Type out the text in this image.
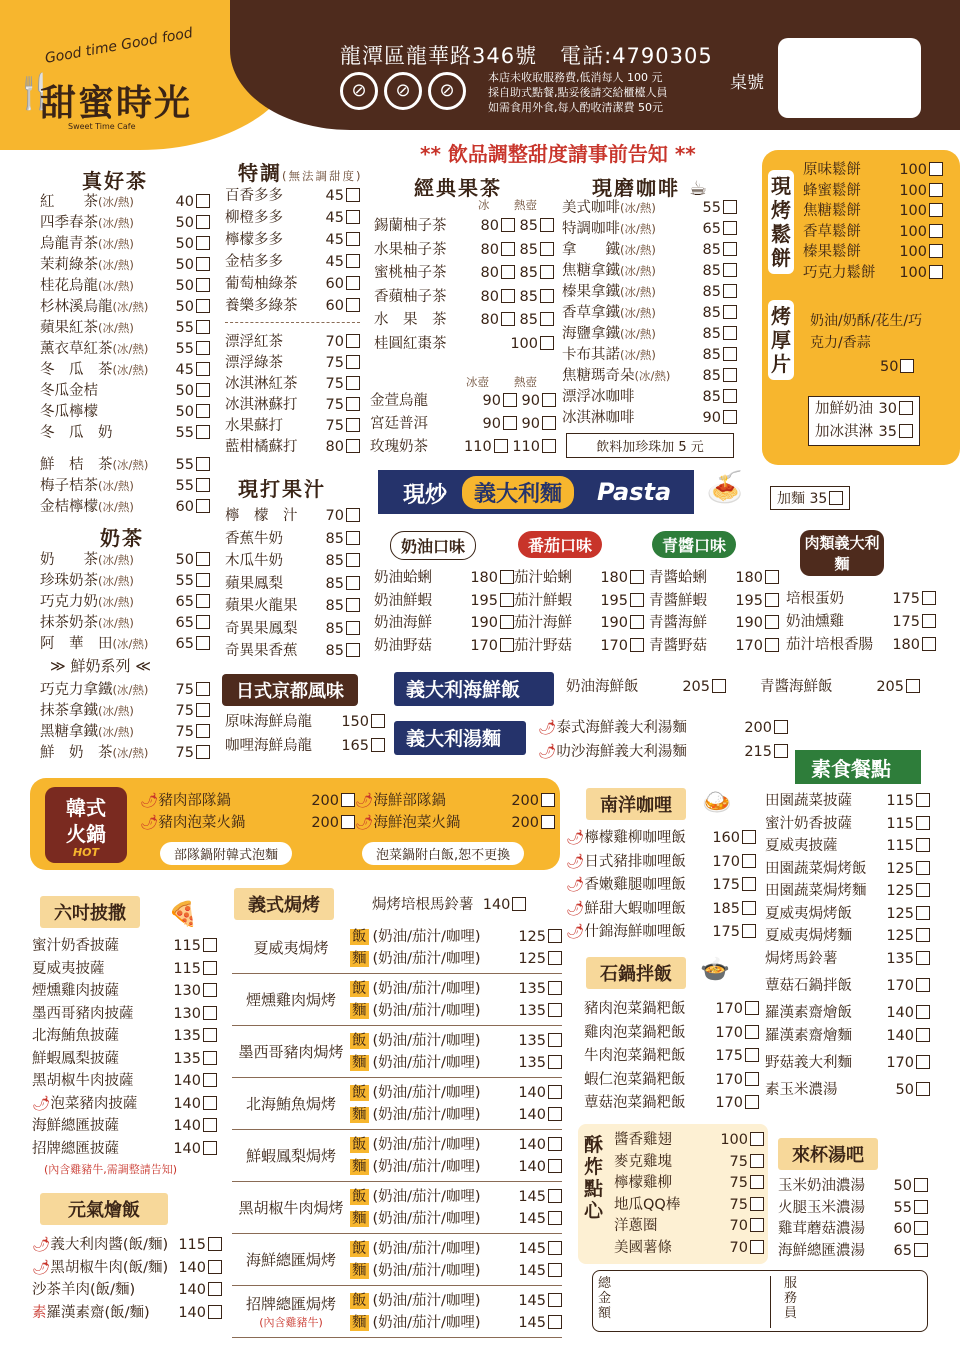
Good time Good food
🍴
甜蜜時光
Sweet Time Cafe
龍潭區龍華路346號 電話:4790305
⊘	⊘	⊘
本店未收取服務費,低消每人 100 元
採自助式點餐,點妥後請交給櫃檯人員
如需食用外食,每人酌收清潔費 50元
桌號
** 飲品調整甜度請事前告知 **
真好茶
紅　　茶(冰/熱)	40
四季春茶(冰/熱)	50
烏龍青茶(冰/熱)	50
茉莉綠茶(冰/熱)	50
桂花烏龍(冰/熱)	50
杉林溪烏龍(冰/熱) 50
蘋果紅茶(冰/熱)	55
薰衣草紅茶(冰/熱) 55
冬　瓜　茶(冰/熱) 45
冬瓜金桔	50
冬瓜檸檬	50
冬　瓜　奶	55
鮮　桔　茶(冰/熱) 55
梅子桔茶(冰/熱)	55
金桔檸檬(冰/熱)	60
奶茶
奶　　茶(冰/熱)	50
珍珠奶茶(冰/熱)	55
巧克力奶(冰/熱)	65
抹茶奶茶(冰/熱)	65
阿　華　田(冰/熱) 65
≫ 鮮奶系列 ≪
巧克力拿鐵(冰/熱) 75
抹茶拿鐵(冰/熱)	75
黑糖拿鐵(冰/熱)	75
鮮　奶　茶(冰/熱) 75
特調(無法調甜度)
百香多多	45
柳橙多多	45
檸檬多多	45
金桔多多	45
葡萄柚綠茶 60
養樂多綠茶 60
漂浮紅茶	70
漂浮綠茶	75
冰淇淋紅茶 75
冰淇淋蘇打 75
水果蘇打	75
藍柑橘蘇打 80
現打果汁
檸　檬　汁 70
香蕉牛奶	85
木瓜牛奶	85
蘋果鳳梨	85
蘋果火龍果 85
奇異果鳳梨 85
奇異果香蕉 85
經典果茶
冰 熱壺
錫蘭柚子茶 80 85
水果柚子茶 80 85
蜜桃柚子茶 80 85
香蘋柚子茶 80 85
水　果　茶 80 85
桂圓紅棗茶	100
冰壺 熱壺
金萱烏龍	90 90
宮廷普洱	90 90
玫瑰奶茶 110 110
現磨咖啡 ☕
美式咖啡(冰/熱)	55
特調咖啡(冰/熱)	65
拿　　鐵(冰/熱)	85
焦糖拿鐵(冰/熱)	85
榛果拿鐵(冰/熱)	85
香草拿鐵(冰/熱)	85
海鹽拿鐵(冰/熱)	85
卡布其諾(冰/熱)	85
焦糖瑪奇朵(冰/熱) 85
漂浮冰咖啡	85
冰淇淋咖啡	90
飲料加珍珠加 5 元
現烤鬆餅
原味鬆餅	100
蜂蜜鬆餅	100
焦糖鬆餅	100
香草鬆餅	100
榛果鬆餅	100
巧克力鬆餅 100
烤厚片
奶油/奶酥/花生/巧克力/香蒜
50
加鮮奶油 30
加冰淇淋 35
現炒	義大利麵	Pasta 🍝	加麵 35
奶油口味	番茄口味	青醬口味	肉類義大利麵
奶油蛤蜊	180
奶油鮮蝦	195
奶油海鮮	190
奶油野菇	170
茄汁蛤蜊 180
茄汁鮮蝦 195
茄汁海鮮 190
茄汁野菇 170
青醬蛤蜊 180
青醬鮮蝦 195
青醬海鮮 190
青醬野菇 170
培根蛋奶	175
奶油燻雞	175
茄汁培根香腸 180
日式京都風味
原味海鮮烏龍 150
咖哩海鮮烏龍 165
義大利海鮮飯	奶油海鮮飯	205	青醬海鮮飯	205
義大利湯麵	🌶泰式海鮮義大利湯麵	200
🌶叻沙海鮮義大利湯麵	215
素食餐點
田園蔬菜披薩 115
蜜汁奶香披薩 115
夏威夷披薩	115
田園蔬菜焗烤飯 125
田園蔬菜焗烤麵 125
夏威夷焗烤飯 125
夏威夷焗烤麵 125
焗烤馬鈴薯	135
蕈菇石鍋拌飯 170
羅漢素齋燴飯 140
羅漢素齋燴麵 140
野菇義大利麵 170
素玉米濃湯	50
韓式
火鍋
HOT
🌶豬肉部隊鍋	200	🌶海鮮部隊鍋	200
🌶豬肉泡菜火鍋	200	🌶海鮮泡菜火鍋	200
部隊鍋附韓式泡麵	泡菜鍋附白飯,恕不更換
南洋咖哩	🍛
🌶檸檬雞柳咖哩飯 160
🌶日式豬排咖哩飯 170
🌶香嫩雞腿咖哩飯 175
🌶鮮甜大蝦咖哩飯 185
🌶什錦海鮮咖哩飯 175
石鍋拌飯	🍲
豬肉泡菜鍋粑飯 170
雞肉泡菜鍋粑飯 170
牛肉泡菜鍋粑飯 175
蝦仁泡菜鍋粑飯 170
蕈菇泡菜鍋粑飯 170
酥炸點心
醬香雞翅	100
麥克雞塊	75
檸檬雞柳	75
地瓜QQ棒	75
洋蔥圈	70
美國薯條	70
來杯湯吧
玉米奶油濃湯 50
火腿玉米濃湯 55
雞茸蘑菇濃湯 60
海鮮總匯濃湯 65
六吋披撒	🍕
蜜汁奶香披薩	115
夏威夷披薩	115
煙燻雞肉披薩	130
墨西哥豬肉披薩	130
北海鮪魚披薩	135
鮮蝦鳳梨披薩	135
黑胡椒牛肉披薩	140
🌶泡菜豬肉披薩 140
海鮮總匯披薩	140
招牌總匯披薩	140
(內含雞豬牛,需調整請告知)
義式焗烤	焗烤培根馬鈴薯 140
夏威夷焗烤
飯 (奶油/茄汁/咖哩)	125
麵 (奶油/茄汁/咖哩)	125
煙燻雞肉焗烤
飯 (奶油/茄汁/咖哩)	135
麵 (奶油/茄汁/咖哩)	135
墨西哥豬肉焗烤
飯 (奶油/茄汁/咖哩)	135
麵 (奶油/茄汁/咖哩)	135
北海鮪魚焗烤
飯 (奶油/茄汁/咖哩)	140
麵 (奶油/茄汁/咖哩)	140
鮮蝦鳳梨焗烤
飯 (奶油/茄汁/咖哩)	140
麵 (奶油/茄汁/咖哩)	140
黑胡椒牛肉焗烤
飯 (奶油/茄汁/咖哩)	145
麵 (奶油/茄汁/咖哩)	145
海鮮總匯焗烤
飯 (奶油/茄汁/咖哩)	145
麵 (奶油/茄汁/咖哩)	145
招牌總匯焗烤
(內含雞豬牛)
飯 (奶油/茄汁/咖哩)	145
麵 (奶油/茄汁/咖哩)	145
元氣燴飯
🌶義大利肉醬(飯/麵) 115
🌶黑胡椒牛肉(飯/麵) 140
沙茶羊肉(飯/麵)	140
素羅漢素齋(飯/麵) 140
總金額
服務員
